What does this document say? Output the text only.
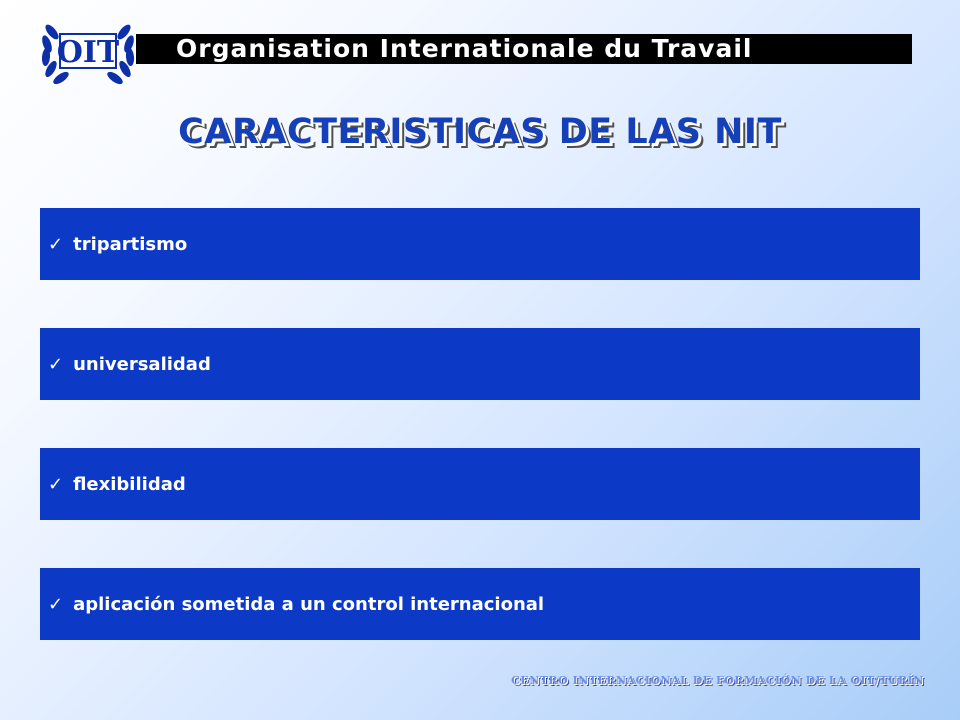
OIT Organisation Internationale du Travail
CARACTERISTICAS DE LAS NIT
✓ tripartismo
✓ universalidad
✓ flexibilidad
✓ aplicación sometida a un control internacional
CENTRO INTERNACIONAL DE FORMACIÓN DE LA OIT/TURÍN
